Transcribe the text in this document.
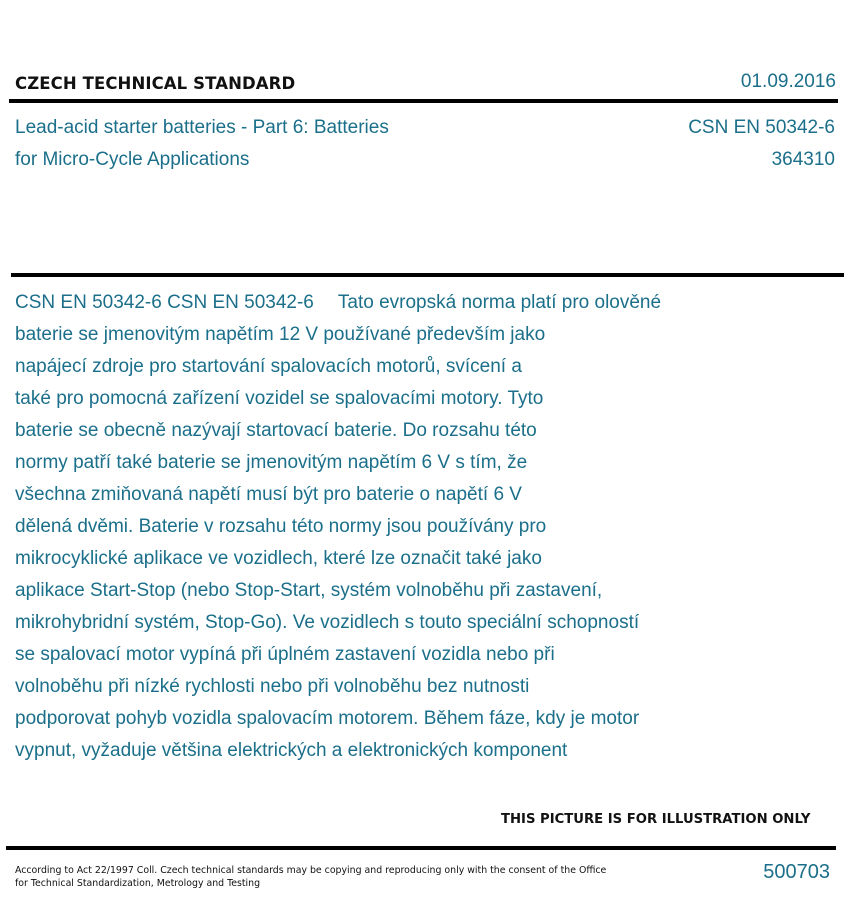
CZECH TECHNICAL STANDARD	01.09.2016
Lead-acid starter batteries - Part 6: Batteries
for Micro-Cycle Applications
CSN EN 50342-6
364310
CSN EN 50342-6 CSN EN 50342-6 Tato evropská norma platí pro olověné
baterie se jmenovitým napětím 12 V používané především jako
napájecí zdroje pro startování spalovacích motorů, svícení a
také pro pomocná zařízení vozidel se spalovacími motory. Tyto
baterie se obecně nazývají startovací baterie. Do rozsahu této
normy patří také baterie se jmenovitým napětím 6 V s tím, že
všechna zmiňovaná napětí musí být pro baterie o napětí 6 V
dělená dvěmi. Baterie v rozsahu této normy jsou používány pro
mikrocyklické aplikace ve vozidlech, které lze označit také jako
aplikace Start-Stop (nebo Stop-Start, systém volnoběhu při zastavení,
mikrohybridní systém, Stop-Go). Ve vozidlech s touto speciální schopností
se spalovací motor vypíná při úplném zastavení vozidla nebo při
volnoběhu při nízké rychlosti nebo při volnoběhu bez nutnosti
podporovat pohyb vozidla spalovacím motorem. Během fáze, kdy je motor
vypnut, vyžaduje většina elektrických a elektronických komponent
THIS PICTURE IS FOR ILLUSTRATION ONLY
According to Act 22/1997 Coll. Czech technical standards may be copying and reproducing only with the consent of the Office
for Technical Standardization, Metrology and Testing
500703
